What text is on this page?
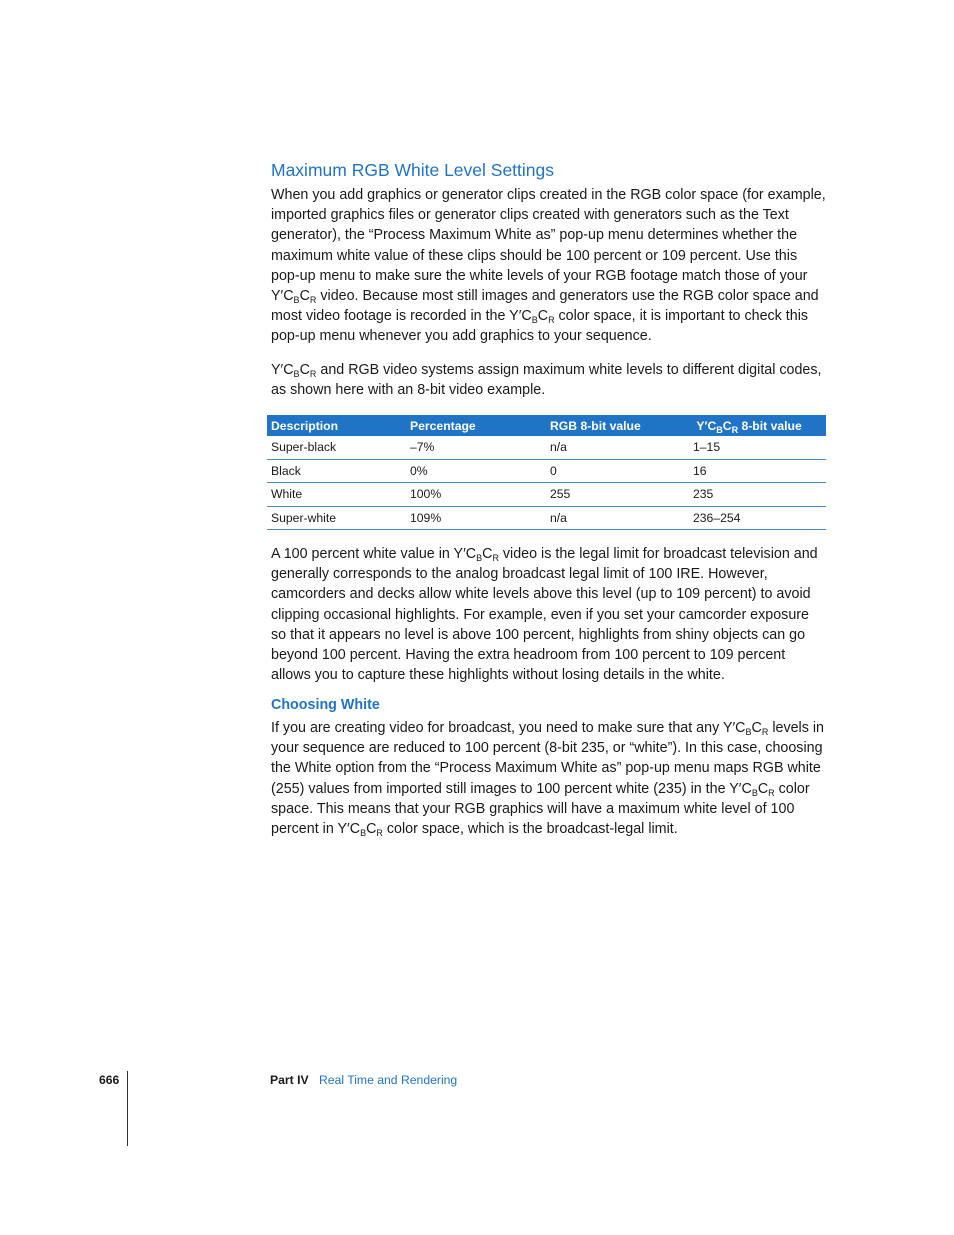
Maximum RGB White Level Settings

When you add graphics or generator clips created in the RGB color space (for example, imported graphics files or generator clips created with generators such as the Text generator), the “Process Maximum White as” pop-up menu determines whether the maximum white value of these clips should be 100 percent or 109 percent. Use this pop-up menu to make sure the white levels of your RGB footage match those of your $Y'C_BC_R$ video. Because most still images and generators use the RGB color space and most video footage is recorded in the $Y'C_BC_R$ color space, it is important to check this pop-up menu whenever you add graphics to your sequence.

$Y'C_BC_R$ and RGB video systems assign maximum white levels to different digital codes, as shown here with an 8-bit video example.

Description	Percentage	RGB 8-bit value	$Y'C_BC_R$ 8-bit value
Super-black	–7%	n/a	1–15
Black	0%	0	16
White	100%	255	235
Super-white	109%	n/a	236–254

A 100 percent white value in $Y'C_BC_R$ video is the legal limit for broadcast television and generally corresponds to the analog broadcast legal limit of 100 IRE. However, camcorders and decks allow white levels above this level (up to 109 percent) to avoid clipping occasional highlights. For example, even if you set your camcorder exposure so that it appears no level is above 100 percent, highlights from shiny objects can go beyond 100 percent. Having the extra headroom from 100 percent to 109 percent allows you to capture these highlights without losing details in the white.

Choosing White

If you are creating video for broadcast, you need to make sure that any $Y'C_BC_R$ levels in your sequence are reduced to 100 percent (8-bit 235, or “white”). In this case, choosing the White option from the “Process Maximum White as” pop-up menu maps RGB white (255) values from imported still images to 100 percent white (235) in the $Y'C_BC_R$ color space. This means that your RGB graphics will have a maximum white level of 100 percent in $Y'C_BC_R$ color space, which is the broadcast-legal limit.

666	Part IV Real Time and Rendering
